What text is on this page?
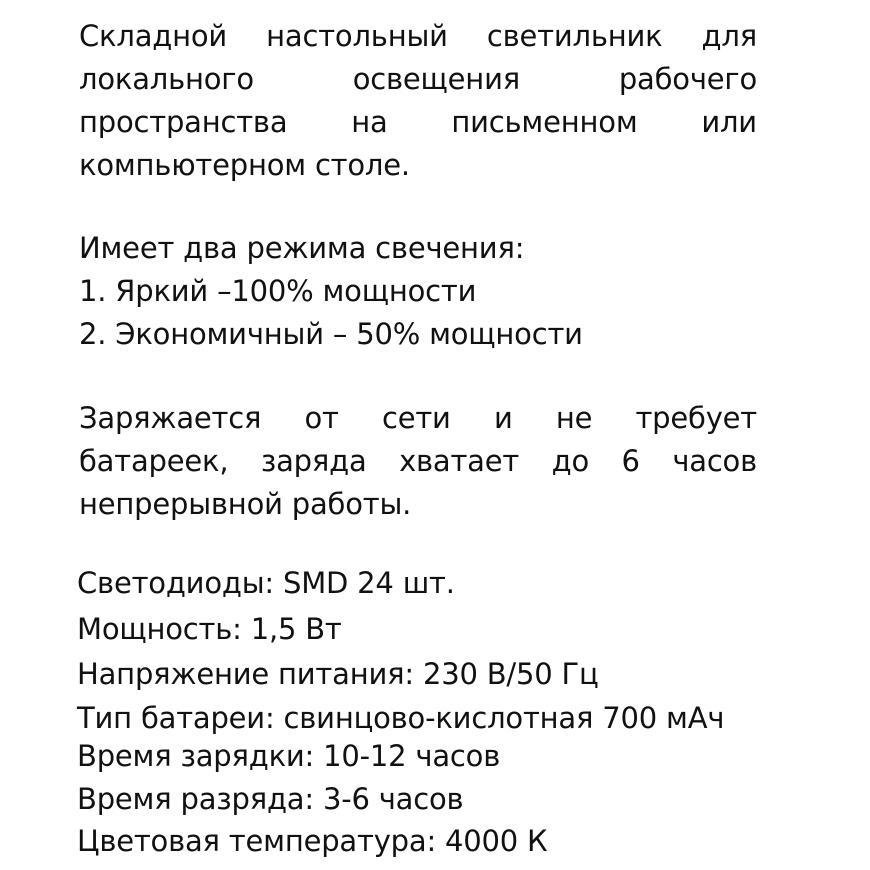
Складной настольный светильник для
локального	освещения	рабочего
пространства на письменном или
компьютерном столе.
Имеет два режима свечения:
1. Яркий –100% мощности
2. Экономичный – 50% мощности
Заряжается от сети и не требует
батареек, заряда хватает до 6 часов
непрерывной работы.
Светодиоды: SMD 24 шт.
Мощность: 1,5 Вт
Напряжение питания: 230 В/50 Гц
Тип батареи: свинцово-кислотная 700 мАч
Время зарядки: 10-12 часов
Время разряда: 3-6 часов
Цветовая температура: 4000 К
